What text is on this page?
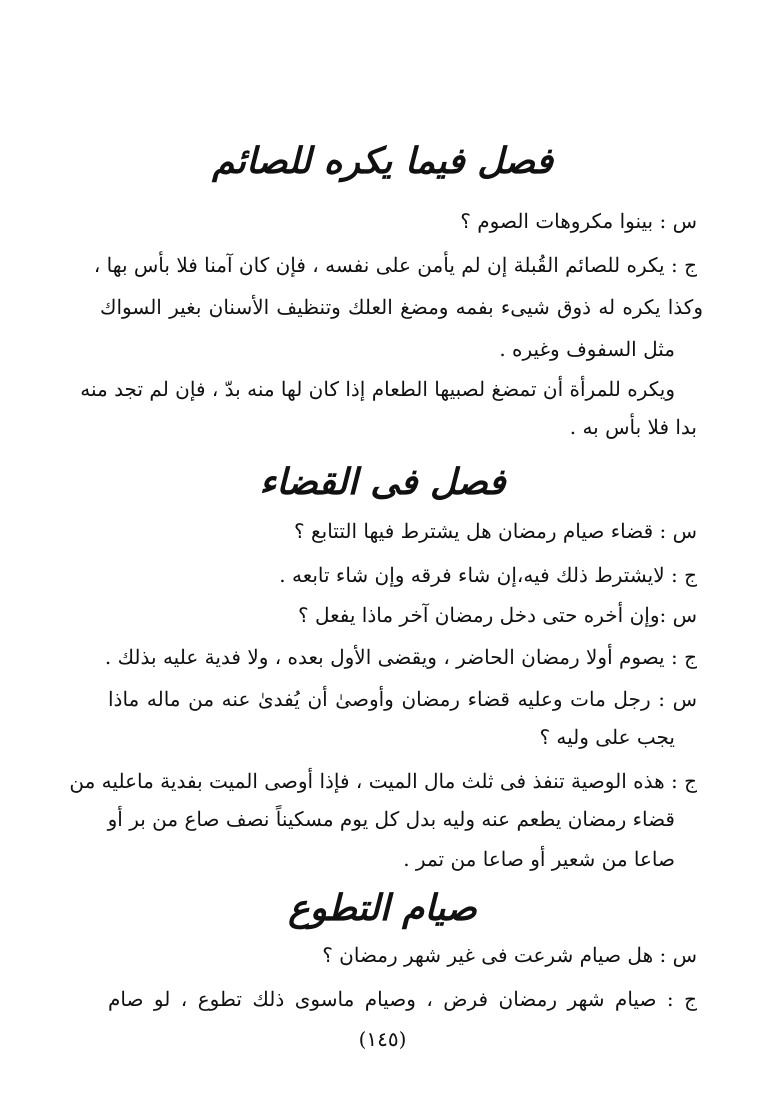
فصل فيما يكره للصائم
س : بينوا مكروهات الصوم ؟
ج : يكره للصائم القُبلة إن لم يأمن على نفسه ، فإن كان آمنا فلا بأس بها ،
وكذا يكره له ذوق شيىء بفمه ومضغ العلك وتنظيف الأسنان بغير السواك
مثل السفوف وغيره .
ويكره للمرأة أن تمضغ لصبيها الطعام إذا كان لها منه بدّ ، فإن لم تجد منه
بدا فلا بأس به .
فصل فى القضاء
س : قضاء صيام رمضان هل يشترط فيها التتابع ؟
ج : لايشترط ذلك فيه،إن شاء فرقه وإن شاء تابعه .
س :وإن أخره حتى دخل رمضان آخر ماذا يفعل ؟
ج : يصوم أولا رمضان الحاضر ، ويقضى الأول بعده ، ولا فدية عليه بذلك .
س : رجل مات وعليه قضاء رمضان وأوصىٰ أن يُفدىٰ عنه من ماله ماذا
يجب على وليه ؟
ج : هذه الوصية تنفذ فى ثلث مال الميت ، فإذا أوصى الميت بفدية ماعليه من
قضاء رمضان يطعم عنه وليه بدل كل يوم مسكيناً نصف صاع من بر أو
صاعا من شعير أو صاعا من تمر .
صيام التطوع
س : هل صيام شرعت فى غير شهر رمضان ؟
ج : صيام شهر رمضان فرض ، وصيام ماسوى ذلك تطوع ، لو صام
(١٤٥)
